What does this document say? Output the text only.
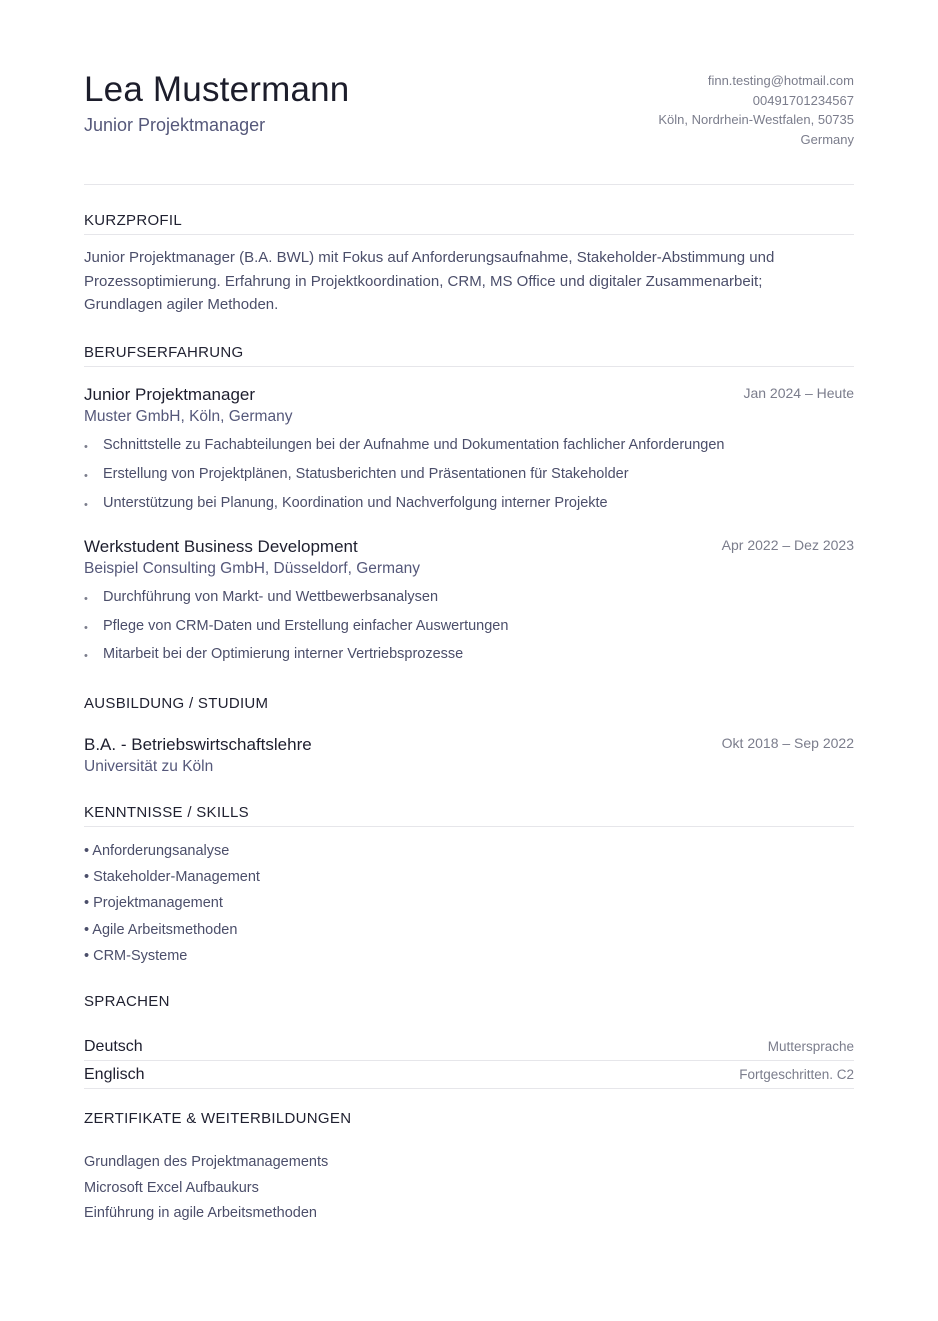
Lea Mustermann
Junior Projektmanager
finn.testing@hotmail.com
00491701234567
Köln, Nordrhein-Westfalen, 50735
Germany
KURZPROFIL
Junior Projektmanager (B.A. BWL) mit Fokus auf Anforderungsaufnahme, Stakeholder-Abstimmung und
Prozessoptimierung. Erfahrung in Projektkoordination, CRM, MS Office und digitaler Zusammenarbeit;
Grundlagen agiler Methoden.
BERUFSERFAHRUNG
Junior Projektmanager	Jan 2024 – Heute
Muster GmbH, Köln, Germany
• Schnittstelle zu Fachabteilungen bei der Aufnahme und Dokumentation fachlicher Anforderungen
• Erstellung von Projektplänen, Statusberichten und Präsentationen für Stakeholder
• Unterstützung bei Planung, Koordination und Nachverfolgung interner Projekte
Werkstudent Business Development	Apr 2022 – Dez 2023
Beispiel Consulting GmbH, Düsseldorf, Germany
• Durchführung von Markt- und Wettbewerbsanalysen
• Pflege von CRM-Daten und Erstellung einfacher Auswertungen
• Mitarbeit bei der Optimierung interner Vertriebsprozesse
AUSBILDUNG / STUDIUM
B.A. - Betriebswirtschaftslehre	Okt 2018 – Sep 2022
Universität zu Köln
KENNTNISSE / SKILLS
• Anforderungsanalyse
• Stakeholder-Management
• Projektmanagement
• Agile Arbeitsmethoden
• CRM-Systeme
SPRACHEN
Deutsch	Muttersprache
Englisch	Fortgeschritten. C2
ZERTIFIKATE & WEITERBILDUNGEN
Grundlagen des Projektmanagements
Microsoft Excel Aufbaukurs
Einführung in agile Arbeitsmethoden
